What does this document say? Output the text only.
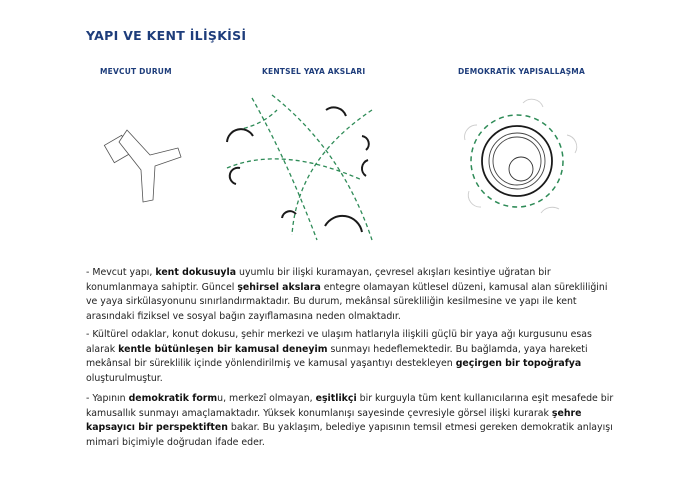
YAPI VE KENT İLİŞKİSİ
MEVCUT DURUM	KENTSEL YAYA AKSLARI	DEMOKRATİK YAPISALLAŞMA

- Mevcut yapı, kent dokusuyla uyumlu bir ilişki kuramayan, çevresel akışları kesintiye uğratan bir konumlanmaya sahiptir. Güncel şehirsel akslara entegre olamayan kütlesel düzeni, kamusal alan sürekliliğini ve yaya sirkülasyonunu sınırlandırmaktadır. Bu durum, mekânsal sürekliliğin kesilmesine ve yapı ile kent arasındaki fiziksel ve sosyal bağın zayıflamasına neden olmaktadır.

- Kültürel odaklar, konut dokusu, şehir merkezi ve ulaşım hatlarıyla ilişkili güçlü bir yaya ağı kurgusunu esas alarak kentle bütünleşen bir kamusal deneyim sunmayı hedeflemektedir. Bu bağlamda, yaya hareketi mekânsal bir süreklilik içinde yönlendirilmiş ve kamusal yaşantıyı destekleyen geçirgen bir topoğrafya oluşturulmuştur.

- Yapının demokratik formu, merkezî olmayan, eşitlikçi bir kurguyla tüm kent kullanıcılarına eşit mesafede bir kamusallık sunmayı amaçlamaktadır. Yüksek konumlanışı sayesinde çevresiyle görsel ilişki kurarak şehre kapsayıcı bir perspektiften bakar. Bu yaklaşım, belediye yapısının temsil etmesi gereken demokratik anlayışı mimari biçimiyle doğrudan ifade eder.
